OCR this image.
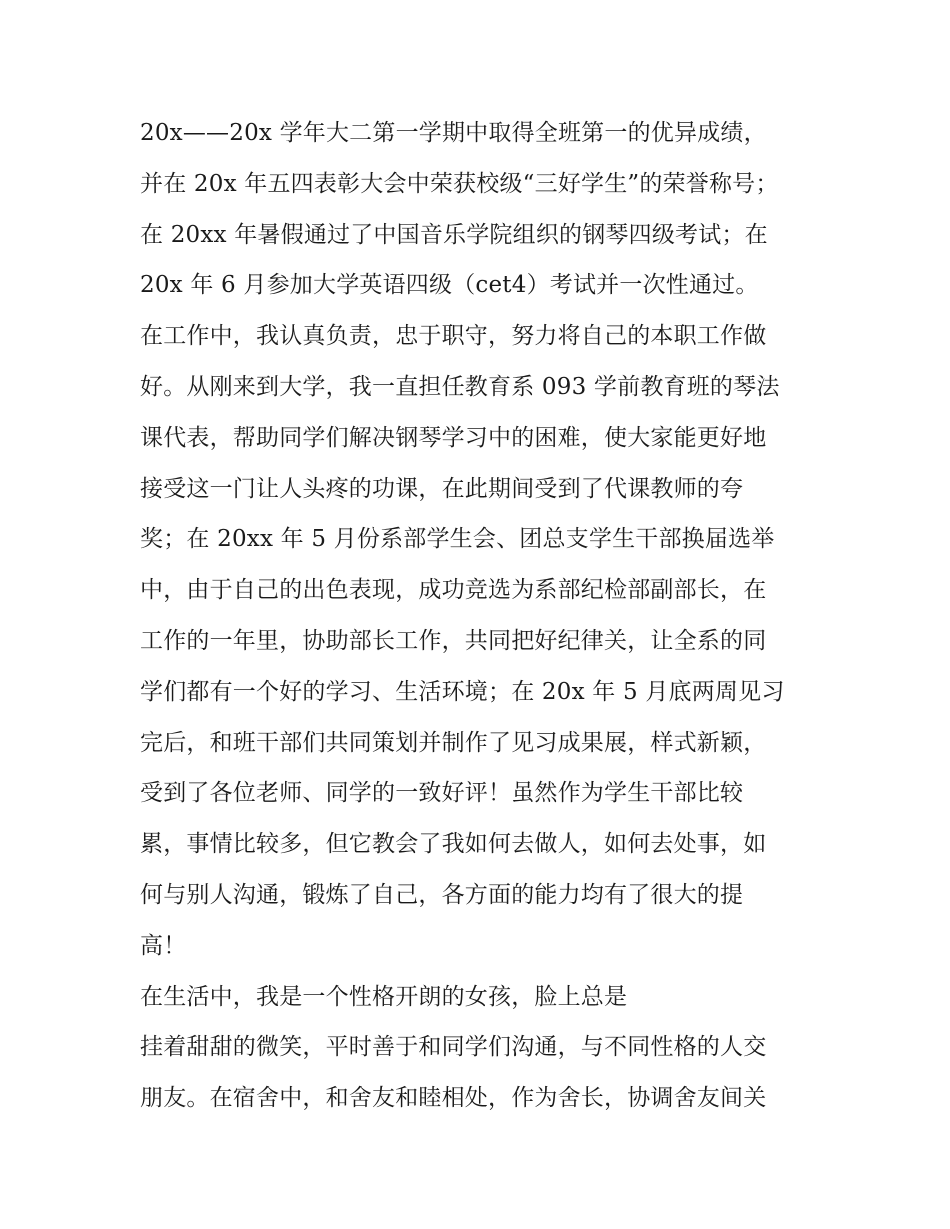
20x——20x 学年大二第一学期中取得全班第一的优异成绩，
并在 20x 年五四表彰大会中荣获校级“三好学生”的荣誉称号；
在 20xx 年暑假通过了中国音乐学院组织的钢琴四级考试；在
20x 年 6 月参加大学英语四级（cet4）考试并一次性通过。
在工作中，我认真负责，忠于职守，努力将自己的本职工作做
好。从刚来到大学，我一直担任教育系 093 学前教育班的琴法
课代表，帮助同学们解决钢琴学习中的困难，使大家能更好地
接受这一门让人头疼的功课，在此期间受到了代课教师的夸
奖；在 20xx 年 5 月份系部学生会、团总支学生干部换届选举
中，由于自己的出色表现，成功竞选为系部纪检部副部长，在
工作的一年里，协助部长工作，共同把好纪律关，让全系的同
学们都有一个好的学习、生活环境；在 20x 年 5 月底两周见习
完后，和班干部们共同策划并制作了见习成果展，样式新颖，
受到了各位老师、同学的一致好评！虽然作为学生干部比较
累，事情比较多，但它教会了我如何去做人，如何去处事，如
何与别人沟通，锻炼了自己，各方面的能力均有了很大的提
高！
在生活中，我是一个性格开朗的女孩，脸上总是
挂着甜甜的微笑，平时善于和同学们沟通，与不同性格的人交
朋友。在宿舍中，和舍友和睦相处，作为舍长，协调舍友间关
